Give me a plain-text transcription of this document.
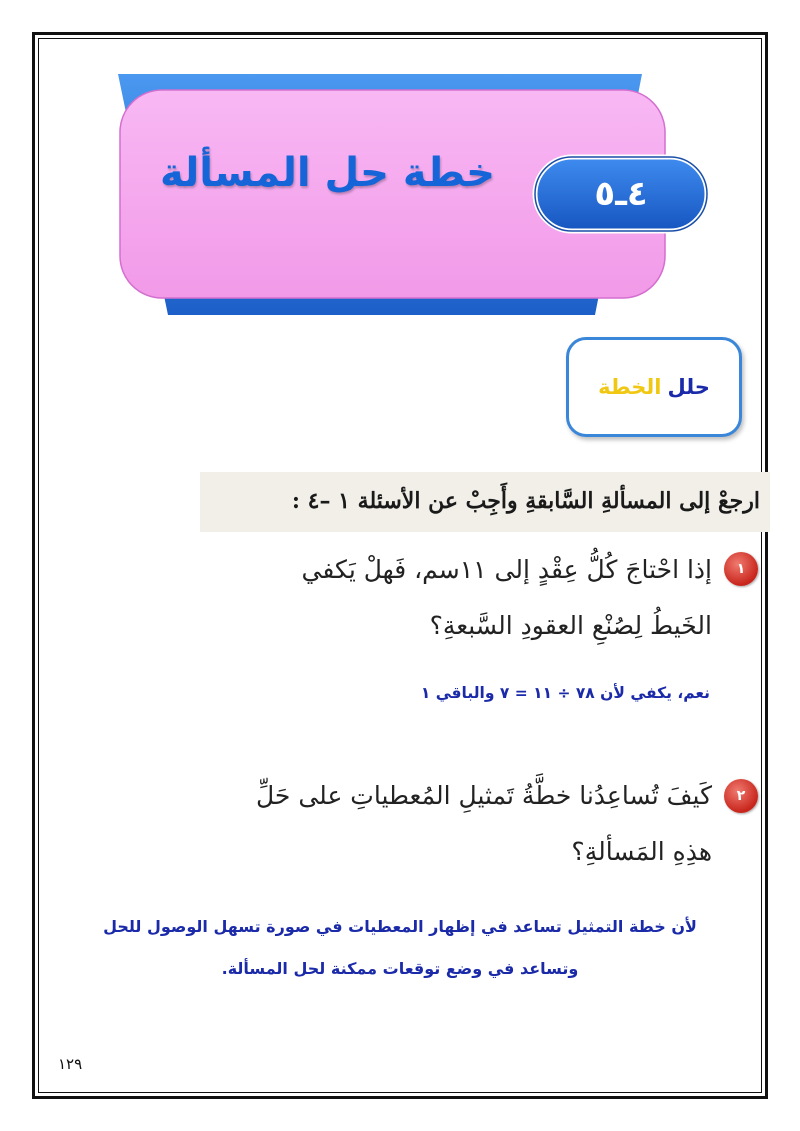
٤ـ٥
خطة حل المسألة
حلل
الخطة
ارجعْ إلى المسألةِ السَّابقةِ وأَجِبْ عن الأسئلة ١ –٤ :
١
إذا احْتاجَ كُلُّ عِقْدٍ إلى ١١سم، فَهلْ يَكفي
الخَيطُ لِصُنْعِ العقودِ السَّبعةِ؟
نعم، يكفي لأن ٧٨ ÷ ١١ = ٧ والباقي ١
٢
كَيفَ تُساعِدُنا خطَّةُ تَمثيلِ المُعطياتِ على حَلِّ
هذِهِ المَسألةِ؟
لأن خطة التمثيل تساعد في إظهار المعطيات في صورة تسهل الوصول للحل
وتساعد في وضع توقعات ممكنة لحل المسألة.
١٢٩
